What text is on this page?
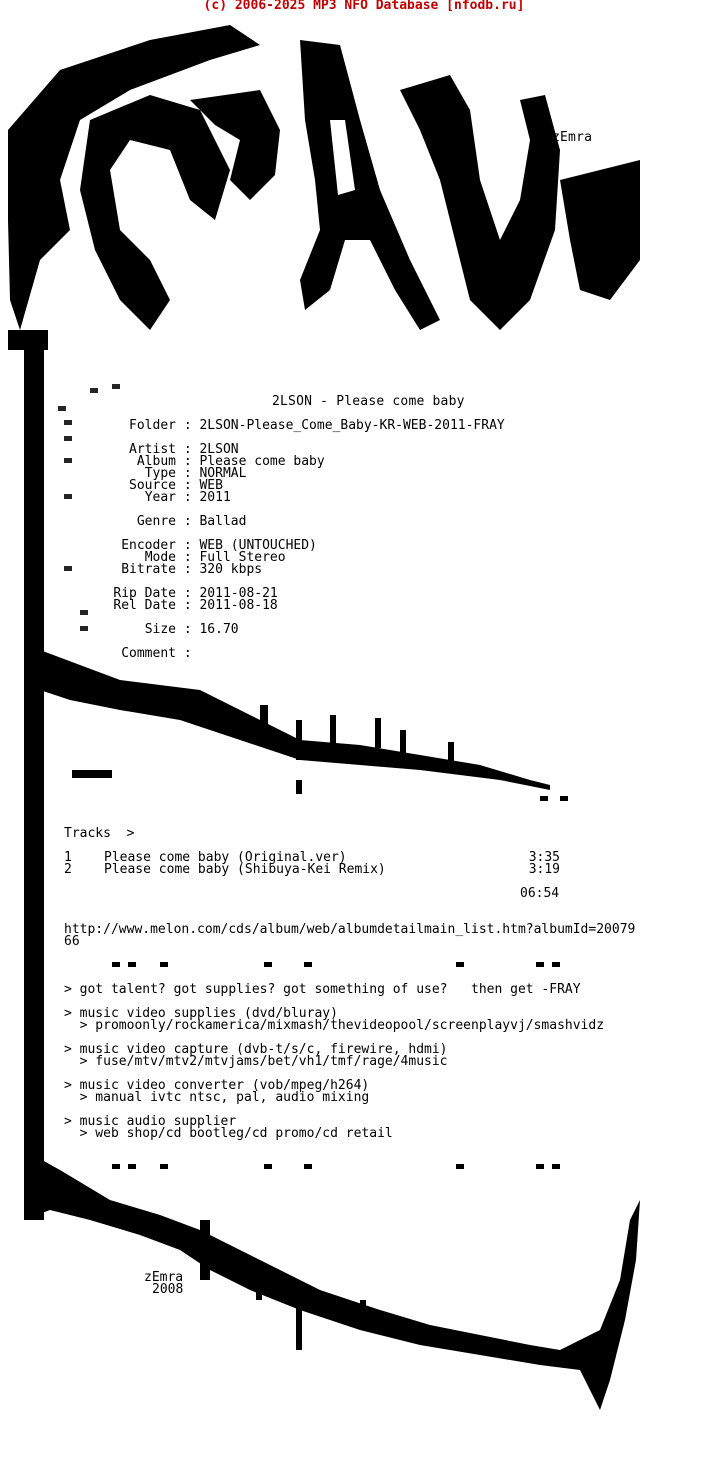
(c) 2006-2025 MP3 NFO Database [nfodb.ru]
zEmra
2LSON - Please come baby
Folder : 2LSON-Please_Come_Baby-KR-WEB-2011-FRAY
Artist : 2LSON
Album : Please come baby
Type : NORMAL
Source : WEB
Year : 2011
Genre : Ballad
Encoder : WEB (UNTOUCHED)
Mode : Full Stereo
Bitrate : 320 kbps
Rip Date : 2011-08-21
Rel Date : 2011-08-18
Size : 16.70
Comment :
Tracks  >
1 Please come baby (Original.ver)	3:35
2 Please come baby (Shibuya-Kei Remix)	3:19
06:54
http://www.melon.com/cds/album/web/albumdetailmain_list.htm?albumId=20079
66
> got talent? got supplies? got something of use?   then get -FRAY
> music video supplies (dvd/bluray)
> promoonly/rockamerica/mixmash/thevideopool/screenplayvj/smashvidz
> music video capture (dvb-t/s/c, firewire, hdmi)
> fuse/mtv/mtv2/mtvjams/bet/vh1/tmf/rage/4music
> music video converter (vob/mpeg/h264)
> manual ivtc ntsc, pal, audio mixing
> music audio supplier
> web shop/cd bootleg/cd promo/cd retail
zEmra
2008
